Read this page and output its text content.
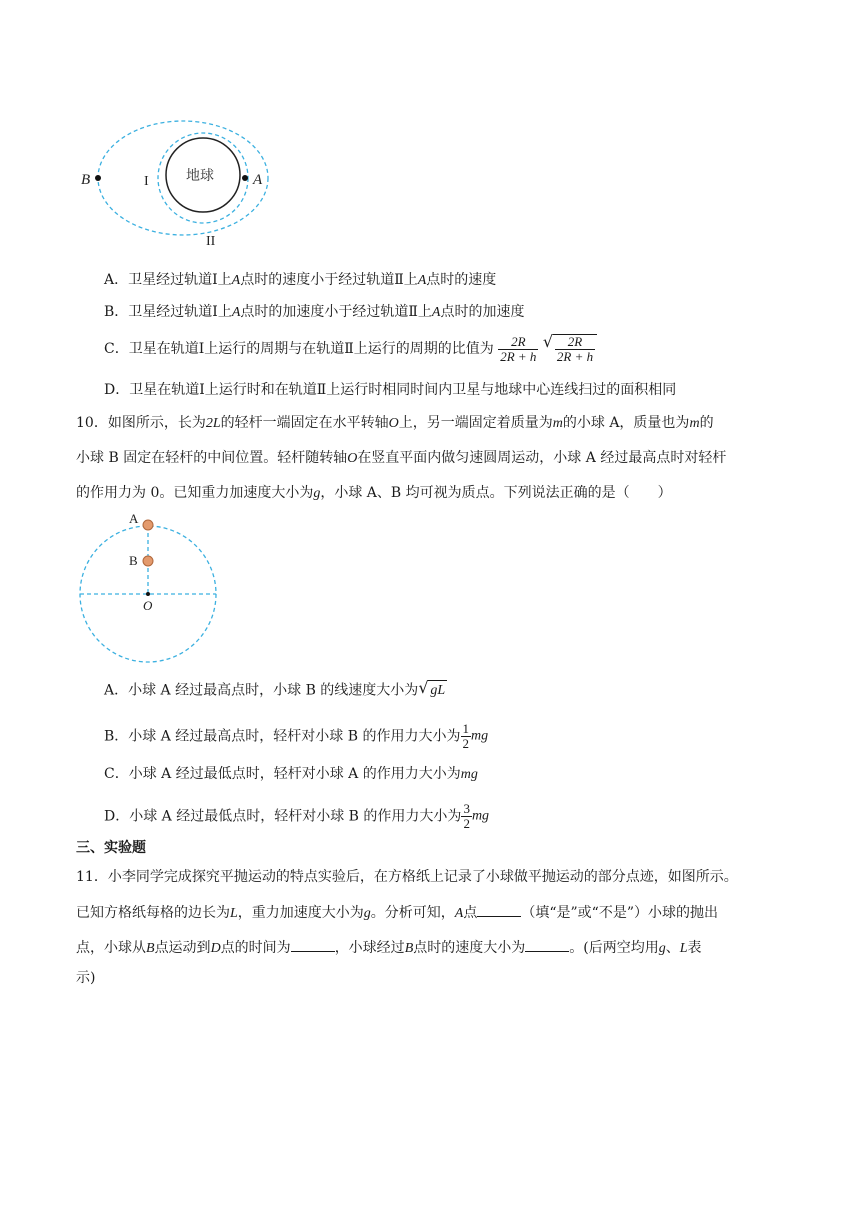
地球
I
II
B	A
A．卫星经过轨道Ⅰ上A点时的速度小于经过轨道Ⅱ上A点时的速度
B．卫星经过轨道Ⅰ上A点时的加速度小于经过轨道Ⅱ上A点时的加速度
C．卫星在轨道Ⅰ上运行的周期与在轨道Ⅱ上运行的周期的比值为 $\frac{2R}{2R + h}$
√ $\frac{2R}{2R + h}$
D．卫星在轨道Ⅰ上运行时和在轨道Ⅱ上运行时相同时间内卫星与地球中心连线扫过的面积相同
10．如图所示，长为2L的轻杆一端固定在水平转轴O上，另一端固定着质量为m的小球 A，质量也为m的
小球 B 固定在轻杆的中间位置。轻杆随转轴O在竖直平面内做匀速圆周运动，小球 A 经过最高点时对轻杆
的作用力为 0。已知重力加速度大小为g，小球 A、B 均可视为质点。下列说法正确的是（　　）
A
B
O
A．小球 A 经过最高点时，小球 B 的线速度大小为 √ gL
B．小球 A 经过最高点时，轻杆对小球 B 的作用力大小为 $\frac{1}{2}$ mg
C．小球 A 经过最低点时，轻杆对小球 A 的作用力大小为mg
D．小球 A 经过最低点时，轻杆对小球 B 的作用力大小为 $\frac{3}{2}$ mg
三、实验题
11．小李同学完成探究平抛运动的特点实验后，在方格纸上记录了小球做平抛运动的部分点迹，如图所示。
已知方格纸每格的边长为L，重力加速度大小为g。分析可知，A点	（填“是”或“不是”）小球的抛出
点，小球从B点运动到D点的时间为	，小球经过B点时的速度大小为	。(后两空均用g、L表
示)
